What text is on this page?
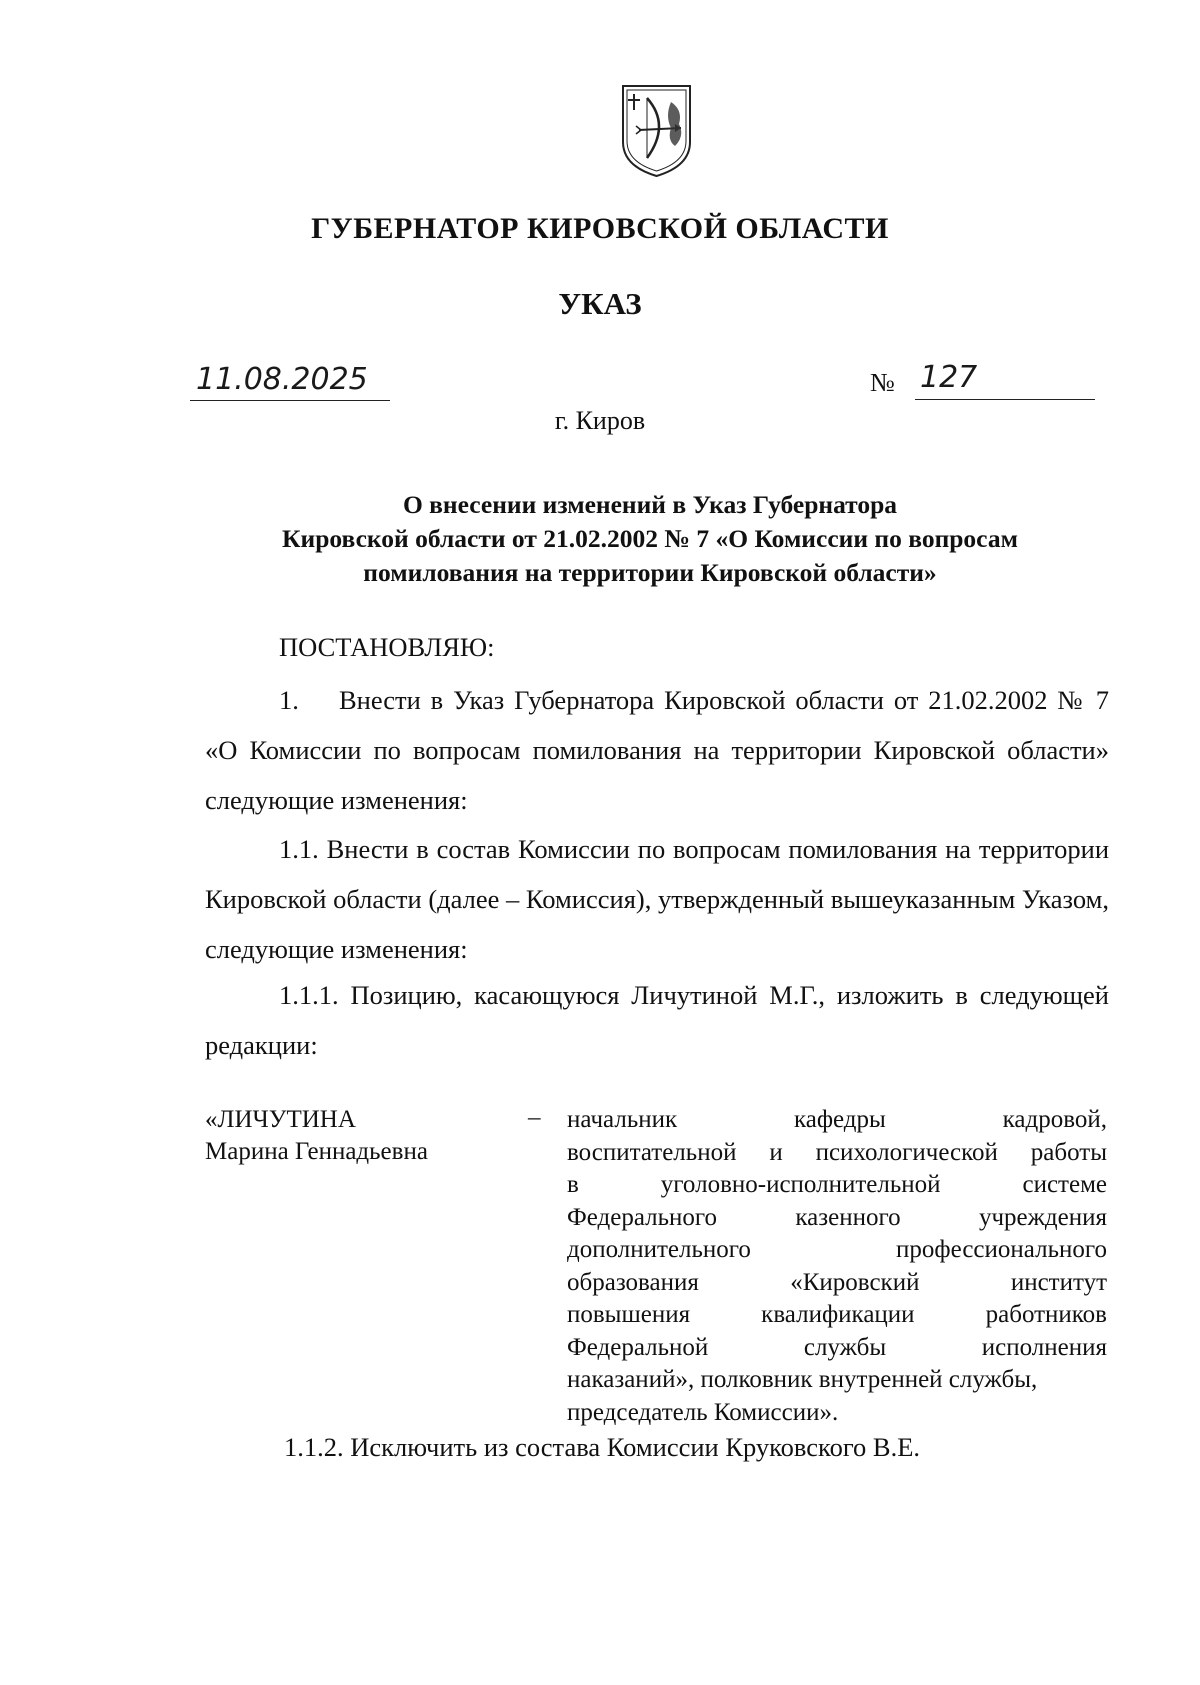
ГУБЕРНАТОР КИРОВСКОЙ ОБЛАСТИ
УКАЗ
11.08.2025	№ 127
г. Киров
О внесении изменений в Указ Губернатора
Кировской области от 21.02.2002 № 7 «О Комиссии по вопросам
помилования на территории Кировской области»
ПОСТАНОВЛЯЮ:
1. Внести в Указ Губернатора Кировской области от 21.02.2002 № 7 «О Комиссии по вопросам помилования на территории Кировской области» следующие изменения:
1.1. Внести в состав Комиссии по вопросам помилования на территории Кировской области (далее – Комиссия), утвержденный вышеуказанным Указом, следующие изменения:
1.1.1. Позицию, касающуюся Личутиной М.Г., изложить в следующей редакции:
«ЛИЧУТИНА
Марина Геннадьевна
– начальник кафедры кадровой,
воспитательной и психологической работы
в уголовно-исполнительной системе
Федерального казенного учреждения
дополнительного профессионального
образования «Кировский институт
повышения квалификации работников
Федеральной службы исполнения
наказаний», полковник внутренней службы,
председатель Комиссии».
1.1.2. Исключить из состава Комиссии Круковского В.Е.
